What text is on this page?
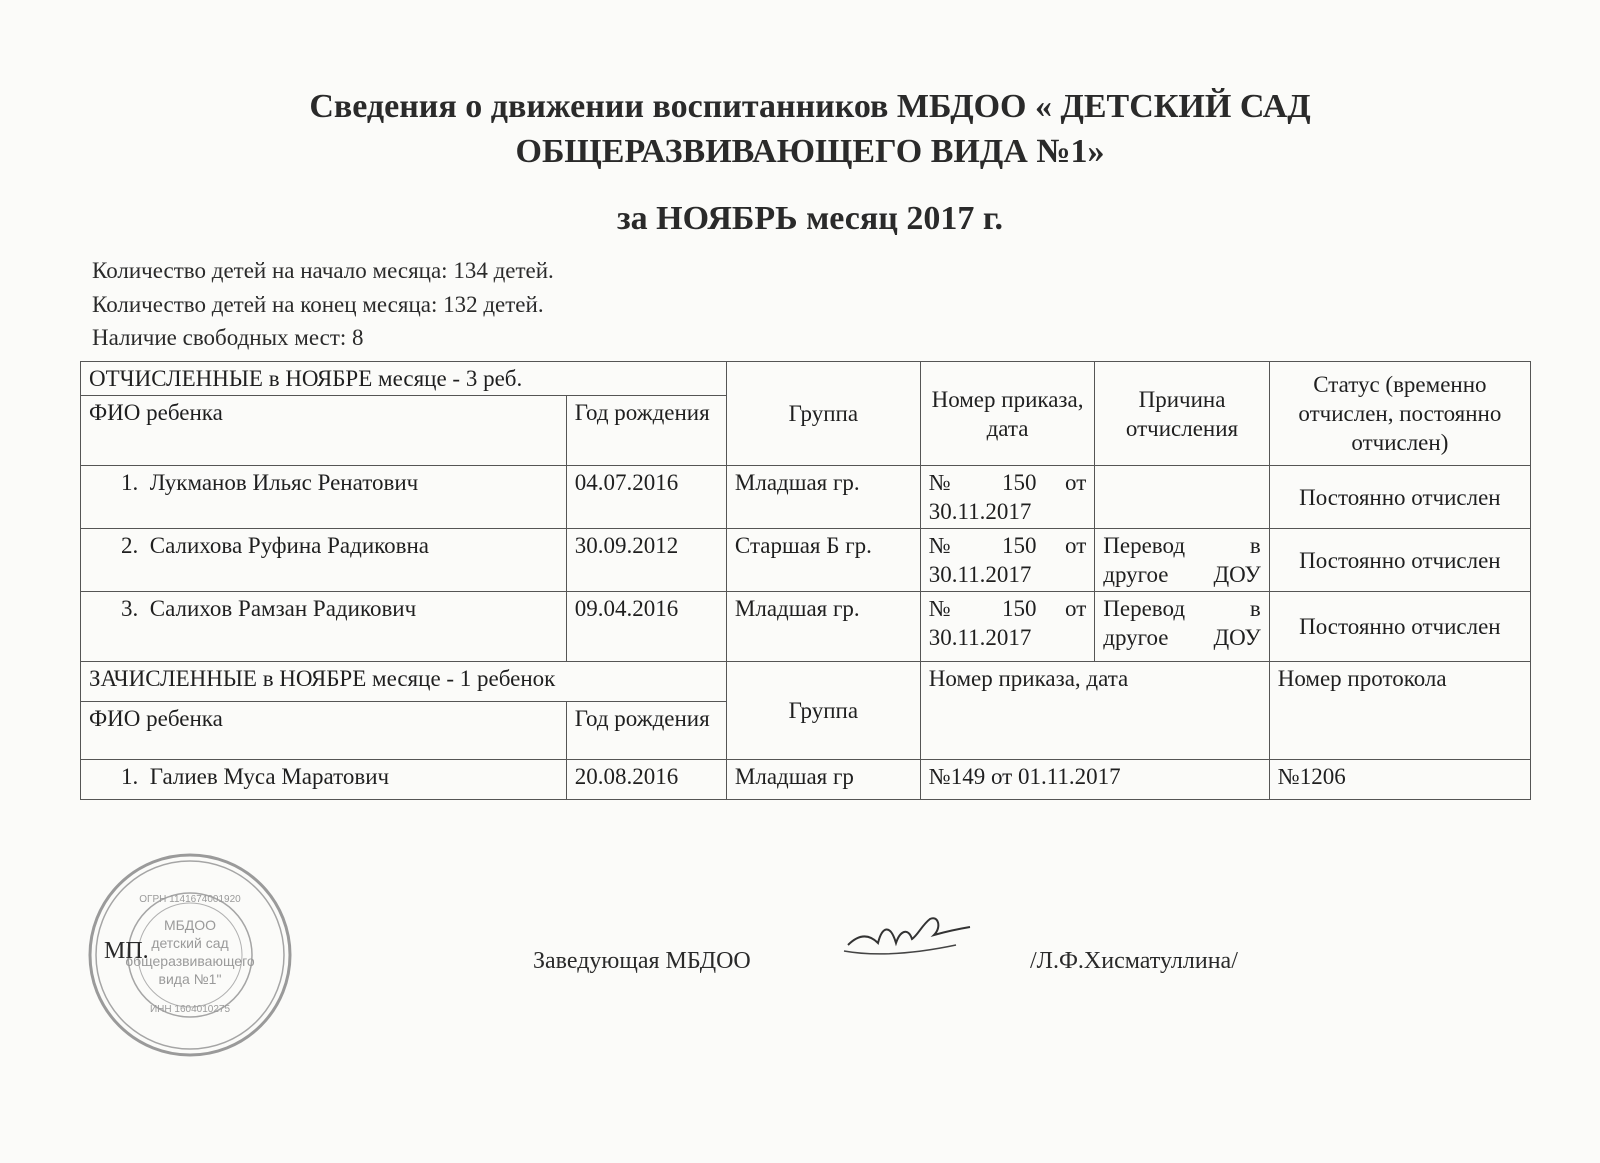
Сведения о движении воспитанников МБДОО « ДЕТСКИЙ САД
ОБЩЕРАЗВИВАЮЩЕГО ВИДА №1»
за НОЯБРЬ месяц 2017 г.
Количество детей на начало месяца: 134 детей.
Количество детей на конец месяца: 132 детей.
Наличие свободных мест: 8
ОТЧИСЛЕННЫЕ в НОЯБРЕ месяце - 3 реб.		Группа	Номер приказа, дата	Причина отчисления	Статус (временно отчислен, постоянно отчислен)
ФИО ребенка	Год рождения				
1. Лукманов Ильяс Ренатович	04.07.2016	Младшая гр.	№ 150 от 30.11.2017		Постоянно отчислен
2. Салихова Руфина Радиковна	30.09.2012	Старшая Б гр.	№ 150 от 30.11.2017	Перевод в другое ДОУ	Постоянно отчислен
3. Салихов Рамзан Радикович	09.04.2016	Младшая гр.	№ 150 от 30.11.2017	Перевод в другое ДОУ	Постоянно отчислен
ЗАЧИСЛЕННЫЕ в НОЯБРЕ месяце - 1 ребенок		Группа	Номер приказа, дата		Номер протокола
ФИО ребенка	Год рождения				
1. Галиев Муса Маратович	20.08.2016	Младшая гр	№149 от 01.11.2017		№1206
МБДОО
детский сад
общеразвивающего
вида №1"
ОГРН 1141674001920
ИНН 1604010275
МП.	Заведующая МБДОО	/Л.Ф.Хисматуллина/
